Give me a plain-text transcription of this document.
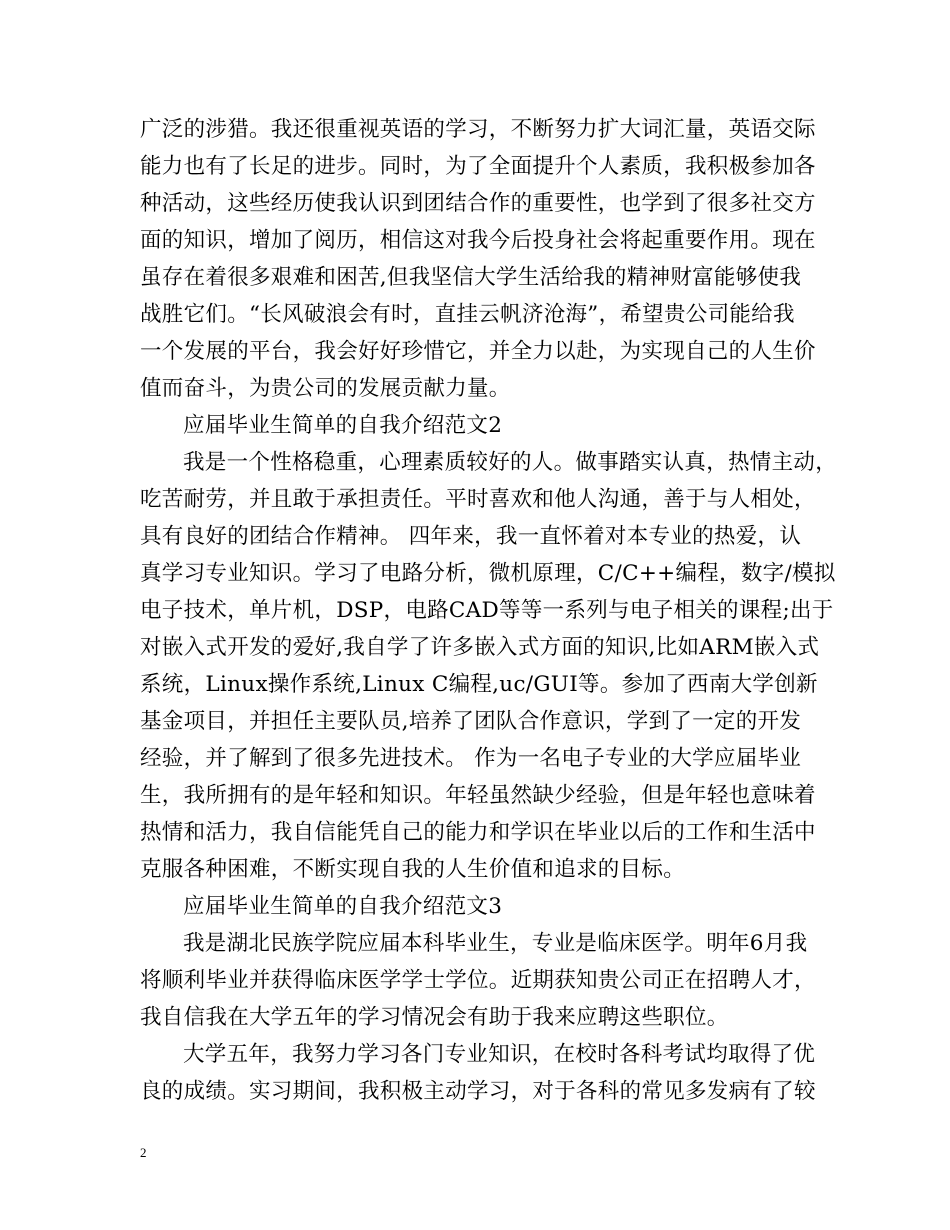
广泛的涉猎。我还很重视英语的学习，不断努力扩大词汇量，英语交际
能力也有了长足的进步。同时，为了全面提升个人素质，我积极参加各
种活动，这些经历使我认识到团结合作的重要性，也学到了很多社交方
面的知识，增加了阅历，相信这对我今后投身社会将起重要作用。现在
虽存在着很多艰难和困苦,但我坚信大学生活给我的精神财富能够使我
战胜它们。“长风破浪会有时，直挂云帆济沧海”，希望贵公司能给我
一个发展的平台，我会好好珍惜它，并全力以赴，为实现自己的人生价
值而奋斗，为贵公司的发展贡献力量。
应届毕业生简单的自我介绍范文2
我是一个性格稳重，心理素质较好的人。做事踏实认真，热情主动，
吃苦耐劳，并且敢于承担责任。平时喜欢和他人沟通，善于与人相处，
具有良好的团结合作精神。 四年来，我一直怀着对本专业的热爱，认
真学习专业知识。学习了电路分析，微机原理，C/C++编程，数字/模拟
电子技术，单片机，DSP，电路CAD等等一系列与电子相关的课程;出于
对嵌入式开发的爱好,我自学了许多嵌入式方面的知识,比如ARM嵌入式
系统，Linux操作系统,Linux C编程,uc/GUI等。参加了西南大学创新
基金项目，并担任主要队员,培养了团队合作意识，学到了一定的开发
经验，并了解到了很多先进技术。 作为一名电子专业的大学应届毕业
生，我所拥有的是年轻和知识。年轻虽然缺少经验，但是年轻也意味着
热情和活力，我自信能凭自己的能力和学识在毕业以后的工作和生活中
克服各种困难，不断实现自我的人生价值和追求的目标。
应届毕业生简单的自我介绍范文3
我是湖北民族学院应届本科毕业生，专业是临床医学。明年6月我
将顺利毕业并获得临床医学学士学位。近期获知贵公司正在招聘人才，
我自信我在大学五年的学习情况会有助于我来应聘这些职位。
大学五年，我努力学习各门专业知识，在校时各科考试均取得了优
良的成绩。实习期间，我积极主动学习，对于各科的常见多发病有了较
2
